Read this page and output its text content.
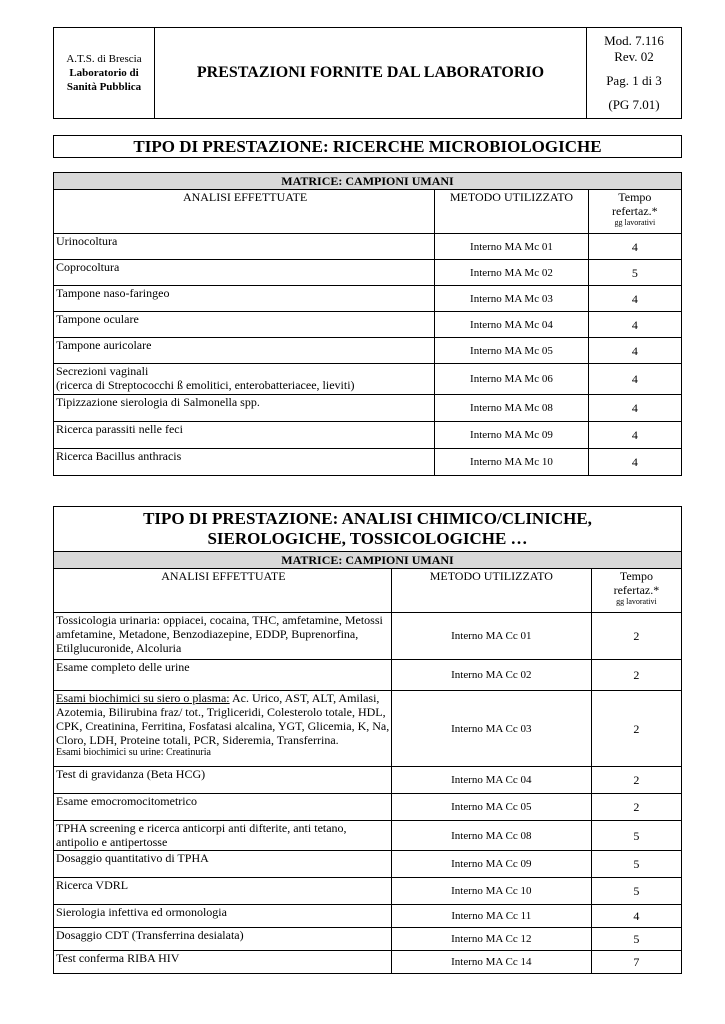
A.T.S. di Brescia
Laboratorio di
Sanità Pubblica
	PRESTAZIONI FORNITE DAL LABORATORIO	
Mod. 7.116
Rev. 02
Pag. 1 di 3
(PG 7.01)
TIPO DI PRESTAZIONE: RICERCHE MICROBIOLOGICHE
MATRICE: CAMPIONI UMANI		
ANALISI EFFETTUATE	METODO UTILIZZATO	Tempo refertaz.*
gg lavorativi

Urinocoltura	Interno MA Mc 01	4
Coprocoltura	Interno MA Mc 02	5
Tampone naso-faringeo	Interno MA Mc 03	4
Tampone oculare	Interno MA Mc 04	4
Tampone auricolare	Interno MA Mc 05	4
Secrezioni vaginali
(ricerca di Streptococchi ß emolitici, enterobatteriacee, lieviti)	Interno MA Mc 06	4
Tipizzazione sierologia di Salmonella spp.	Interno MA Mc 08	4
Ricerca parassiti nelle feci	Interno MA Mc 09	4
Ricerca Bacillus anthracis	Interno MA Mc 10	4
TIPO DI PRESTAZIONE: ANALISI CHIMICO/CLINICHE, SIEROLOGICHE, TOSSICOLOGICHE …		
MATRICE: CAMPIONI UMANI		
ANALISI EFFETTUATE	METODO UTILIZZATO	Tempo refertaz.*
gg lavorativi

Tossicologia urinaria: oppiacei, cocaina, THC, amfetamine, Metossi amfetamine, Metadone, Benzodiazepine, EDDP, Buprenorfina, Etilglucuronide, Alcoluria	Interno MA Cc 01	2
Esame completo delle urine	Interno MA Cc 02	2
Esami biochimici su siero o plasma: Ac. Urico, AST, ALT, Amilasi, Azotemia, Bilirubina fraz/ tot., Trigliceridi, Colesterolo totale, HDL, CPK, Creatinina, Ferritina, Fosfatasi alcalina, YGT, Glicemia, K, Na, Cloro, LDH, Proteine totali, PCR, Sideremia, Transferrina.
Esami biochimici su urine: Creatinuria	Interno MA Cc 03	2
Test di gravidanza (Beta HCG)	Interno MA Cc 04	2
Esame emocromocitometrico	Interno MA Cc 05	2
TPHA screening e ricerca anticorpi anti difterite, anti tetano, antipolio e antipertosse	Interno MA Cc 08	5
Dosaggio quantitativo di TPHA	Interno MA Cc 09	5
Ricerca VDRL	Interno MA Cc 10	5
Sierologia infettiva ed ormonologia	Interno MA Cc 11	4
Dosaggio CDT (Transferrina desialata)	Interno MA Cc 12	5
Test conferma RIBA HIV	Interno MA Cc 14	7
